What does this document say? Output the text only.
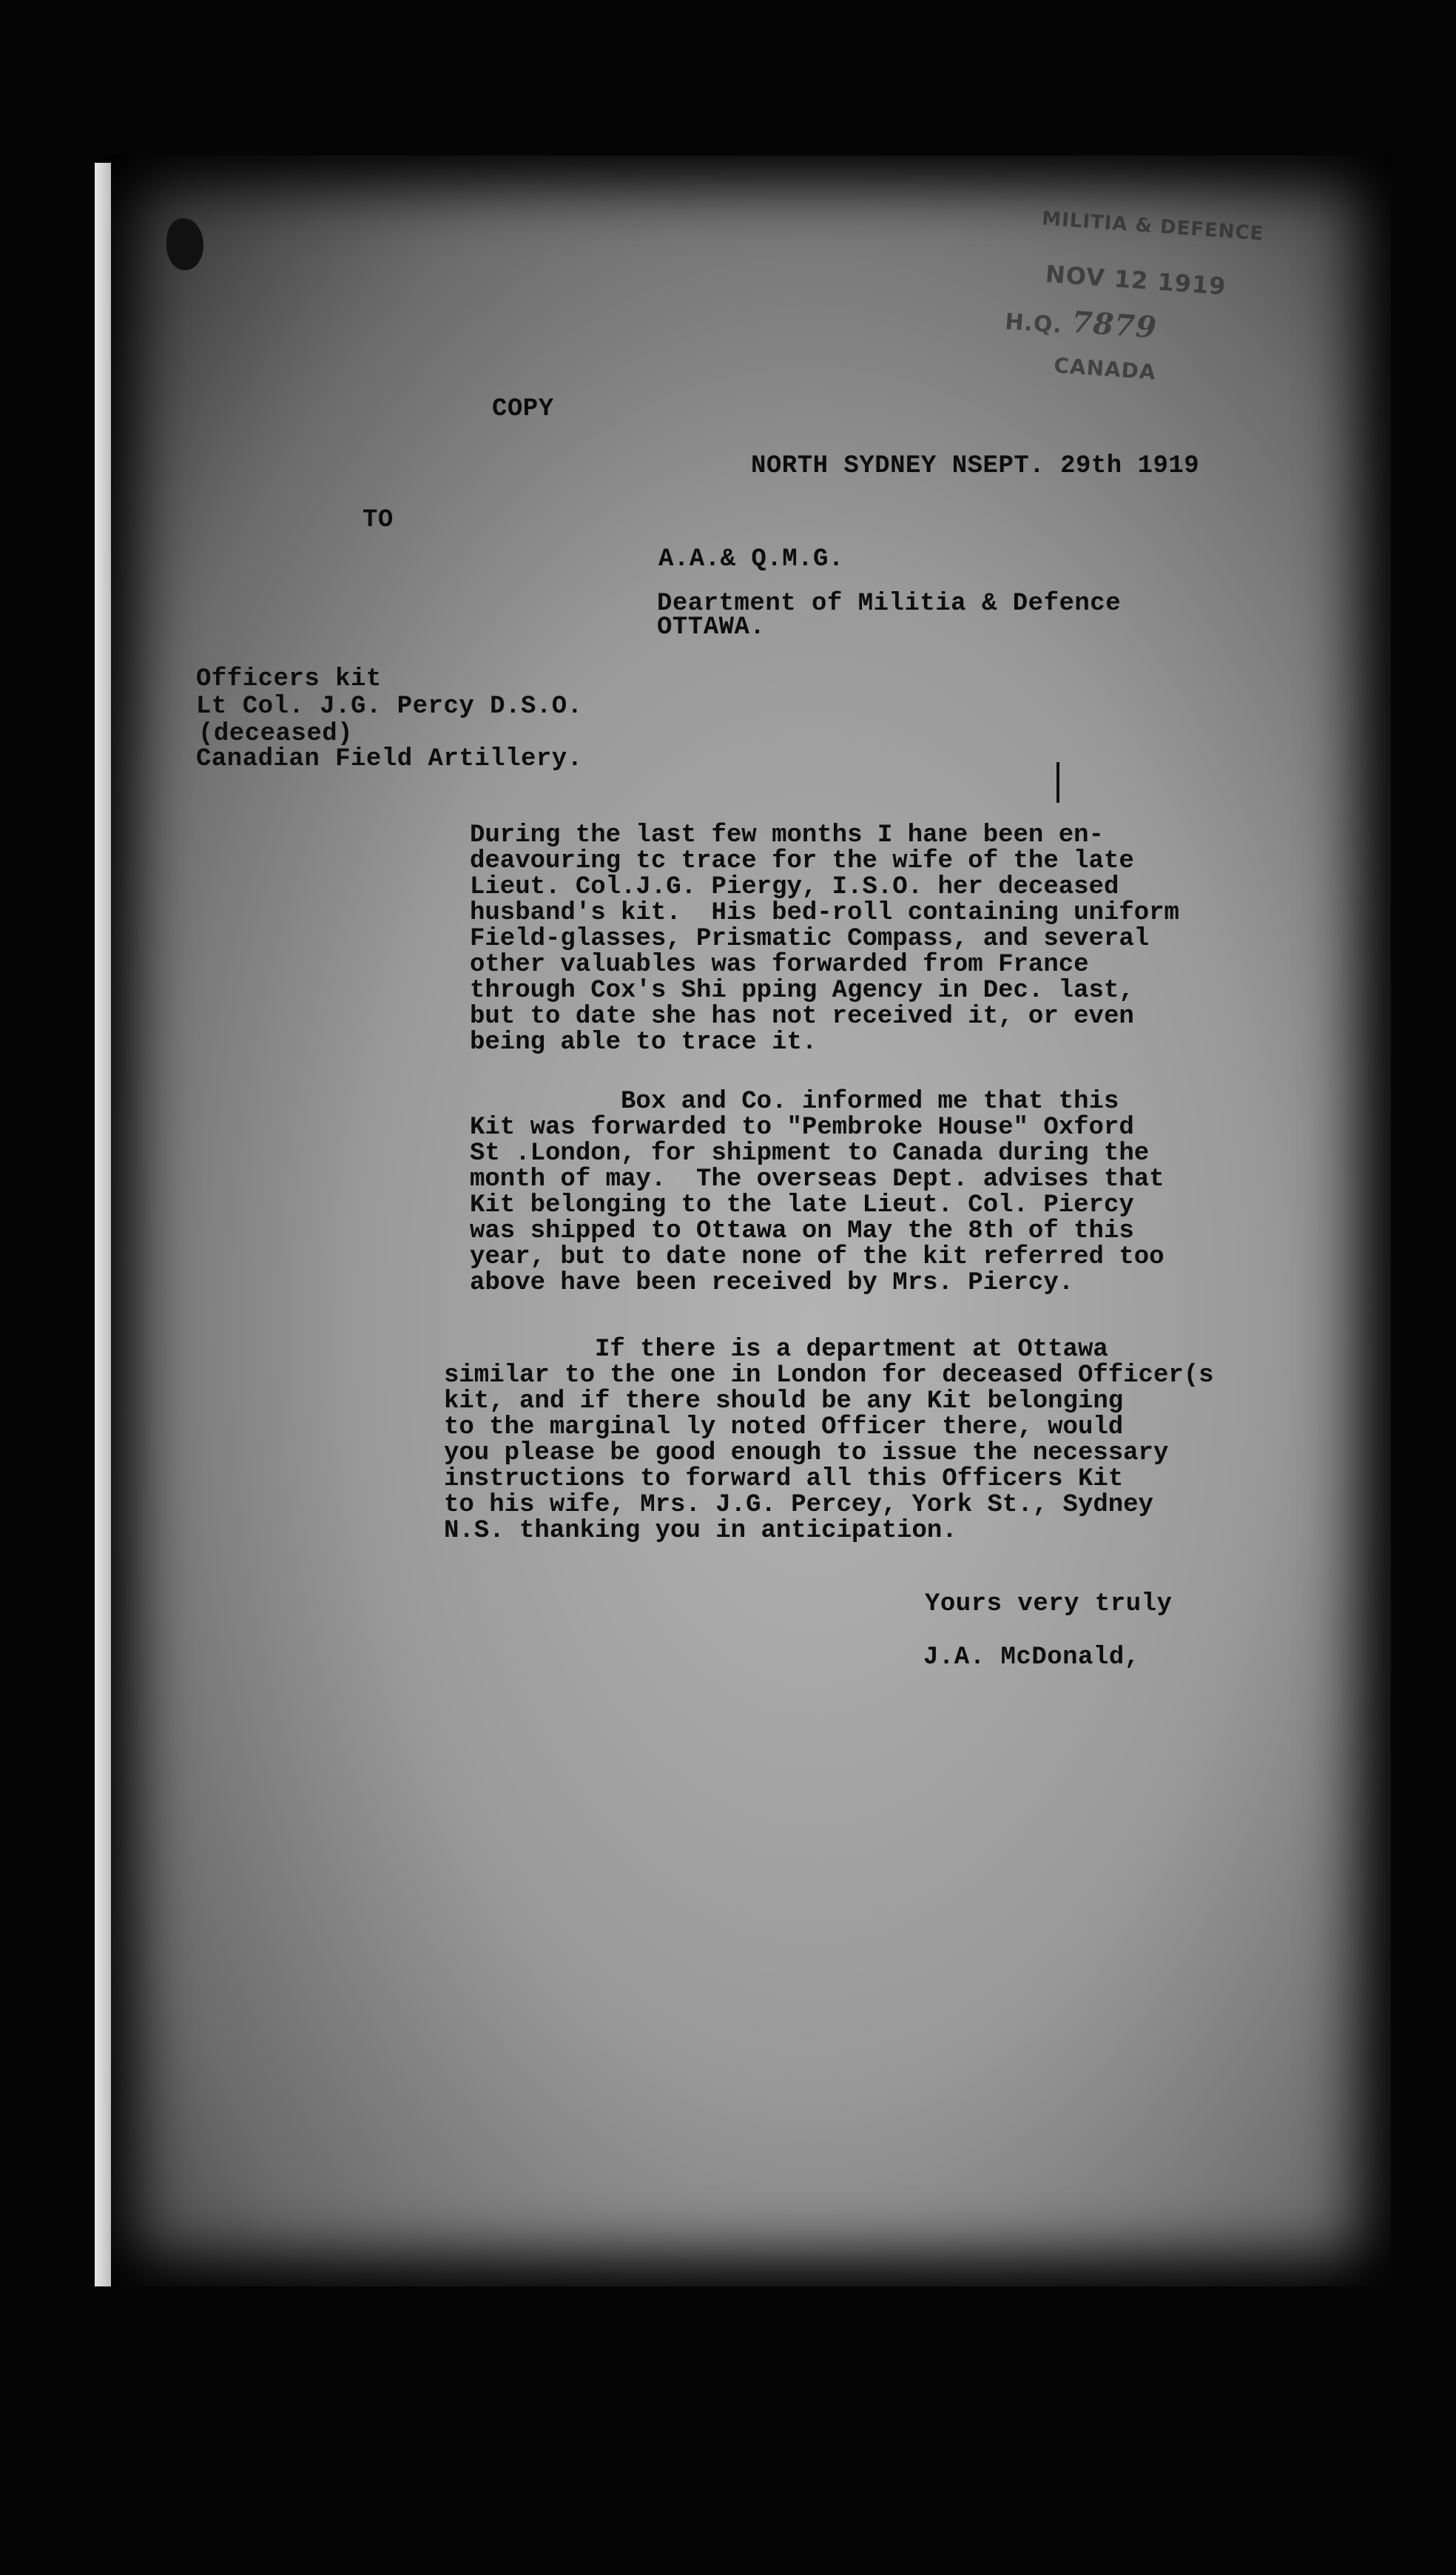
MILITIA & DEFENCE
NOV 12 1919
H.Q. 7879
CANADA
COPY
NORTH SYDNEY NSEPT. 29th 1919
TO
A.A.& Q.M.G.
Deartment of Militia & Defence
OTTAWA.
Officers kit
Lt Col. J.G. Percy D.S.O.
(deceased)
Canadian Field Artillery.
During the last few months I hane been en-
deavouring tc trace for the wife of the late
Lieut. Col.J.G. Piergy, I.S.O. her deceased
husband's kit.  His bed-roll containing uniform
Field-glasses, Prismatic Compass, and several
other valuables was forwarded from France
through Cox's Shi pping Agency in Dec. last,
but to date she has not received it, or even
being able to trace it.
Box and Co. informed me that this
Kit was forwarded to "Pembroke House" Oxford
St .London, for shipment to Canada during the
month of may.  The overseas Dept. advises that
Kit belonging to the late Lieut. Col. Piercy
was shipped to Ottawa on May the 8th of this
year, but to date none of the kit referred too
above have been received by Mrs. Piercy.
If there is a department at Ottawa
similar to the one in London for deceased Officer(s
kit, and if there should be any Kit belonging
to the marginal ly noted Officer there, would
you please be good enough to issue the necessary
instructions to forward all this Officers Kit
to his wife, Mrs. J.G. Percey, York St., Sydney
N.S. thanking you in anticipation.
Yours very truly
J.A. McDonald,
